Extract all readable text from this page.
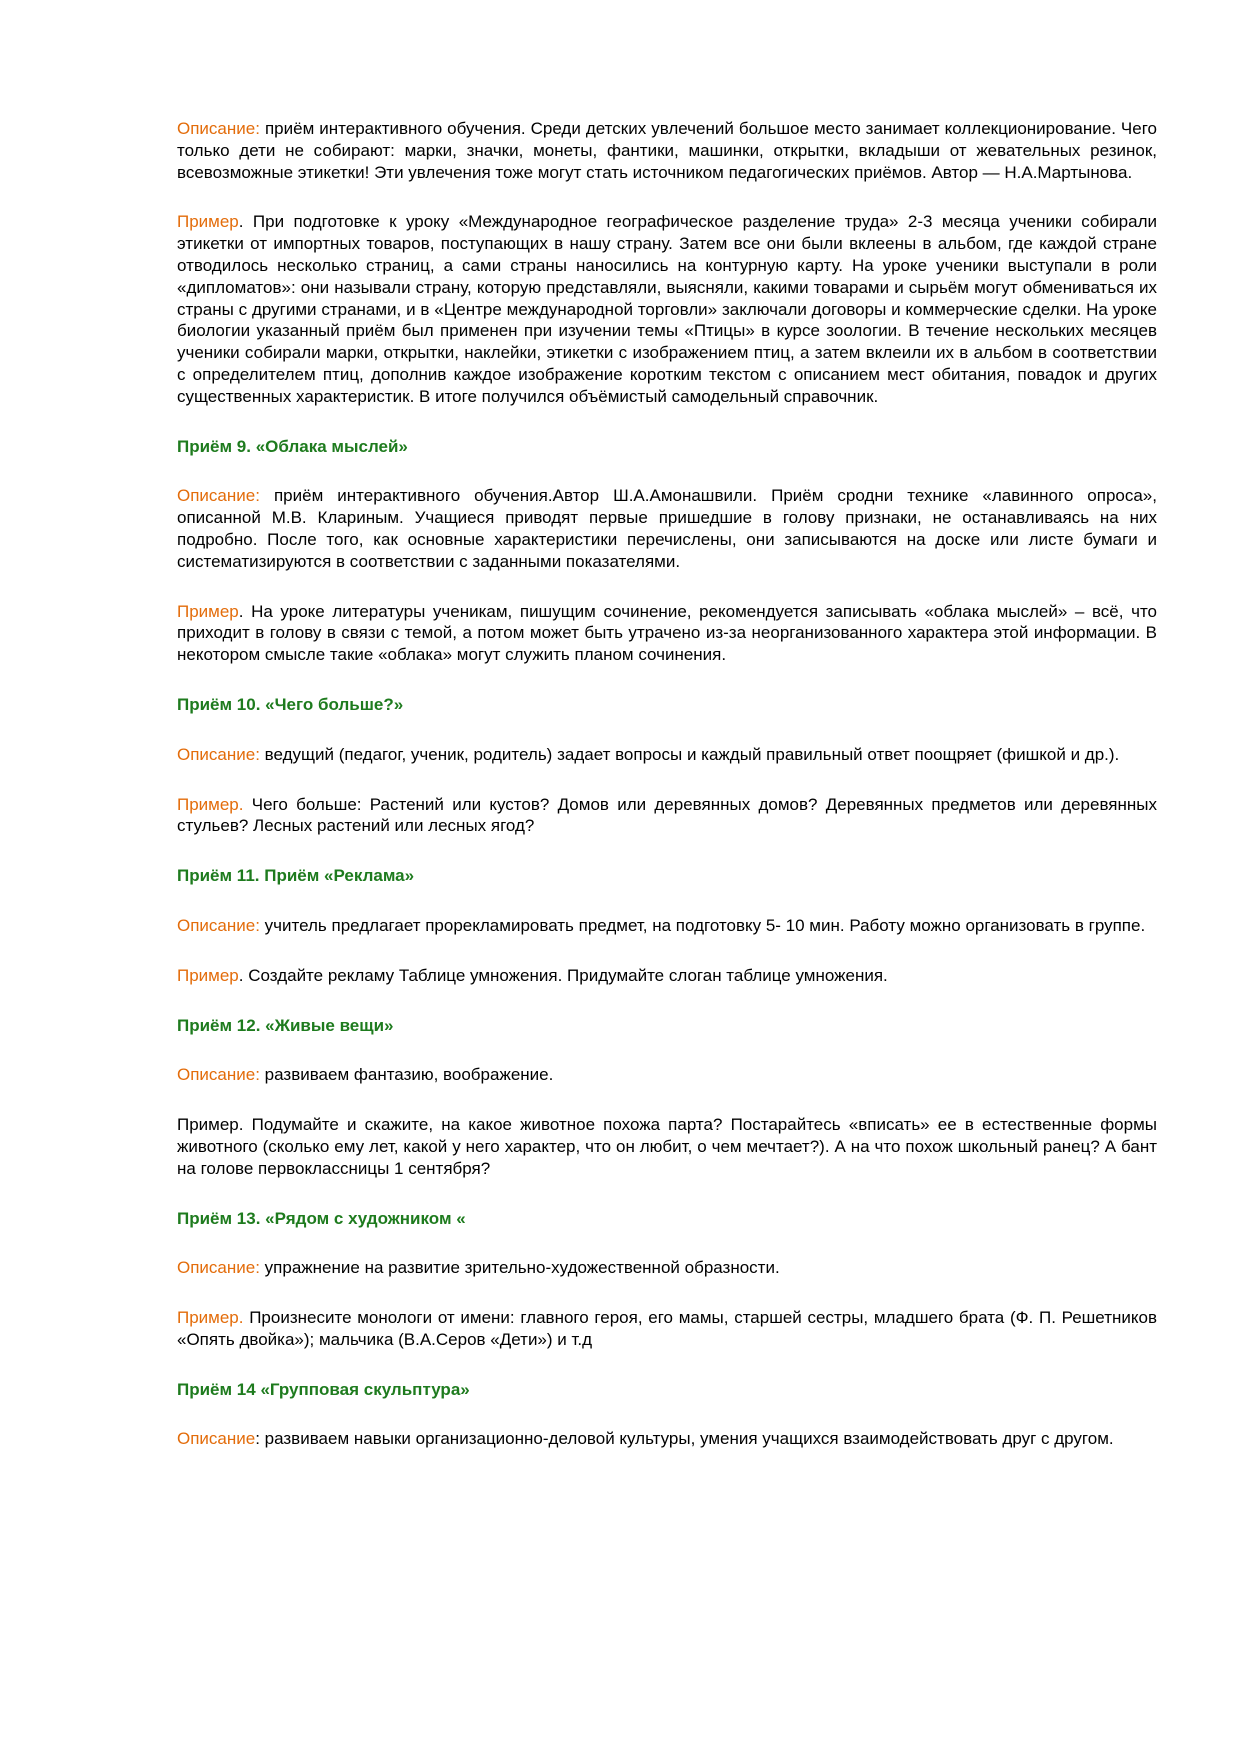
Описание: приём интерактивного обучения. Среди детских увлечений большое место занимает коллекционирование. Чего только дети не собирают: марки, значки, монеты, фантики, машинки, открытки, вкладыши от жевательных резинок, всевозможные этикетки! Эти увлечения тоже могут стать источником педагогических приёмов. Автор — Н.А.Мартынова.

Пример. При подготовке к уроку «Международное географическое разделение труда» 2-3 месяца ученики собирали этикетки от импортных товаров, поступающих в нашу страну. Затем все они были вклеены в альбом, где каждой стране отводилось несколько страниц, а сами страны наносились на контурную карту. На уроке ученики выступали в роли «дипломатов»: они называли страну, которую представляли, выясняли, какими товарами и сырьём могут обмениваться их страны с другими странами, и в «Центре международной торговли» заключали договоры и коммерческие сделки. На уроке биологии указанный приём был применен при изучении темы «Птицы» в курсе зоологии. В течение нескольких месяцев ученики собирали марки, открытки, наклейки, этикетки с изображением птиц, а затем вклеили их в альбом в соответствии с определителем птиц, дополнив каждое изображение коротким текстом с описанием мест обитания, повадок и других существенных характеристик. В итоге получился объёмистый самодельный справочник.

Приём 9. «Облака мыслей»

Описание: приём интерактивного обучения.Автор Ш.А.Амонашвили. Приём сродни технике «лавинного опроса», описанной М.В. Клариным. Учащиеся приводят первые пришедшие в голову признаки, не останавливаясь на них подробно. После того, как основные характеристики перечислены, они записываются на доске или листе бумаги и систематизируются в соответствии с заданными показателями.

Пример. На уроке литературы ученикам, пишущим сочинение, рекомендуется записывать «облака мыслей» – всё, что приходит в голову в связи с темой, а потом может быть утрачено из-за неорганизованного характера этой информации. В некотором смысле такие «облака» могут служить планом сочинения.

Приём 10. «Чего больше?»

Описание: ведущий (педагог, ученик, родитель) задает вопросы и каждый правильный ответ поощряет (фишкой и др.).

Пример. Чего больше: Растений или кустов? Домов или деревянных домов? Деревянных предметов или деревянных стульев? Лесных растений или лесных ягод?

Приём 11. Приём «Реклама»

Описание: учитель предлагает прорекламировать предмет, на подготовку 5- 10 мин. Работу можно организовать в группе.

Пример. Создайте рекламу Таблице умножения. Придумайте слоган таблице умножения.

Приём 12. «Живые вещи»

Описание: развиваем фантазию, воображение.

Пример. Подумайте и скажите, на какое животное похожа парта? Постарайтесь «вписать» ее в естественные формы животного (сколько ему лет, какой у него характер, что он любит, о чем мечтает?). А на что похож школьный ранец? А бант на голове первоклассницы 1 сентября?

Приём 13. «Рядом с художником «

Описание: упражнение на развитие зрительно-художественной образности.

Пример. Произнесите монологи от имени: главного героя, его мамы, старшей сестры, младшего брата (Ф. П. Решетников «Опять двойка»); мальчика (В.А.Серов «Дети») и т.д

Приём 14 «Групповая скульптура»

Описание: развиваем навыки организационно-деловой культуры, умения учащихся взаимодействовать друг с другом.
